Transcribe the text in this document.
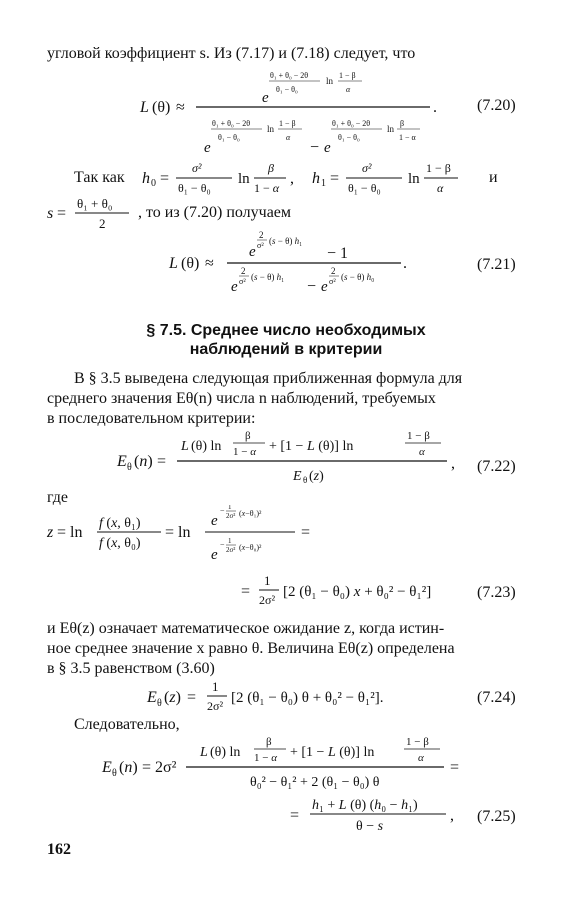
угловой коэффициент s. Из (7.17) и (7.18) следует, что
L (θ) ≈
e
θ₁ + θ₀ − 2θ
θ₁ − θ₀
ln
1 − β
α
e
θ₁ + θ₀ − 2θ
θ₁ − θ₀
ln
1 − β
α
− e
θ₁ + θ₀ − 2θ
θ₁ − θ₀
ln
β
1 − α
.	(7.20)
Так как h 0 =
σ²
θ₁ − θ₀
ln
β
1 − α
, h 1 =
σ²
θ₁ − θ₀
ln
1 − β
α
и
s =
θ₁ + θ₀
2
, то из (7.20) получаем
L (θ) ≈
e
2
σ² (s − θ) h₁
− 1
e
2
σ² (s − θ) h₁
− e
2
σ² (s − θ) h₀
.	(7.21)
§ 7.5. Среднее число необходимых
наблюдений в критерии
В § 3.5 выведена следующая приближенная формула для
среднего значения Eθ(n) числа n наблюдений, требуемых
в последовательном критерии:
E θ (n) =
L (θ) ln
β
1 − α + [1 − L (θ)] ln
1 − β
α
E θ (z)
, (7.22)
где
z = ln
f (x, θ₁)
f (x, θ₀)
= ln
e
− 1
2σ² (x−θ₁)²
e
− 1
2σ² (x−θ₀)²
=
=
1
2σ² [2 (θ₁ − θ₀) x + θ₀² − θ₁²]	(7.23)
и Eθ(z) означает математическое ожидание z, когда истин-
ное среднее значение x равно θ. Величина Eθ(z) определена
в § 3.5 равенством (3.60)
E θ (z) =
1
2σ² [2 (θ₁ − θ₀) θ + θ₀² − θ₁²].	(7.24)
Следовательно,
E θ (n) = 2σ²
L (θ) ln
β
1 − α + [1 − L (θ)] ln
1 − β
α
θ₀² − θ₁² + 2 (θ₁ − θ₀) θ
=
=
h₁ + L (θ) (h₀ − h₁)
θ − s
, (7.25)
162
